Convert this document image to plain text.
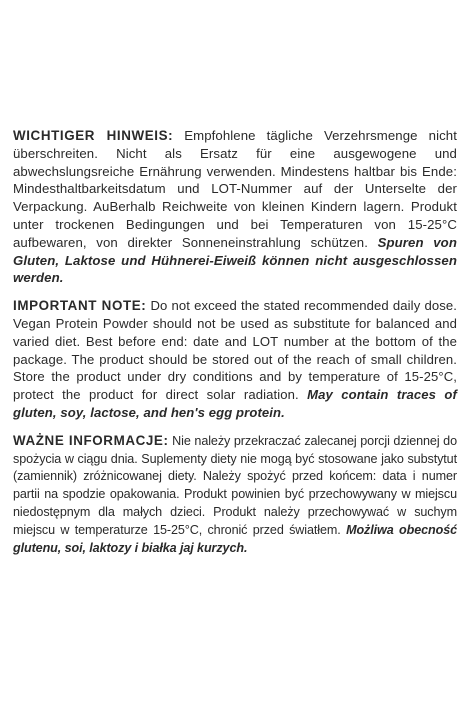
WICHTIGER HINWEIS: Empfohlene tägliche Verzehrsmenge nicht überschreiten. Nicht als Ersatz für eine ausgewogene und abwechslungsreiche Ernährung verwenden. Mindestens haltbar bis Ende: Mindesthaltbarkeitsdatum und LOT-Nummer auf der Unterselte der Verpackung. AuBerhalb Reichweite von kleinen Kindern lagern. Produkt unter trockenen Bedingungen und bei Temperaturen von 15-25°C aufbewaren, von direkter Sonneneinstrahlung schützen. Spuren von Gluten, Laktose und Hühnerei-Eiweiß können nicht ausgeschlossen werden.

IMPORTANT NOTE: Do not exceed the stated recommended daily dose. Vegan Protein Powder should not be used as substitute for balanced and varied diet. Best before end: date and LOT number at the bottom of the package. The product should be stored out of the reach of small children. Store the product under dry conditions and by temperature of 15-25°C, protect the product for direct solar radiation. May contain traces of gluten, soy, lactose, and hen's egg protein.

WAŻNE INFORMACJE: Nie należy przekraczać zalecanej porcji dziennej do spożycia w ciągu dnia. Suplementy diety nie mogą być stosowane jako substytut (zamiennik) zróżnicowanej diety. Należy spożyć przed końcem: data i numer partii na spodzie opakowania. Produkt powinien być przechowywany w miejscu niedostępnym dla małych dzieci. Produkt należy przechowywać w suchym miejscu w temperaturze 15-25°C, chronić przed światłem. Możliwa obecność glutenu, soi, laktozy i białka jaj kurzych.
